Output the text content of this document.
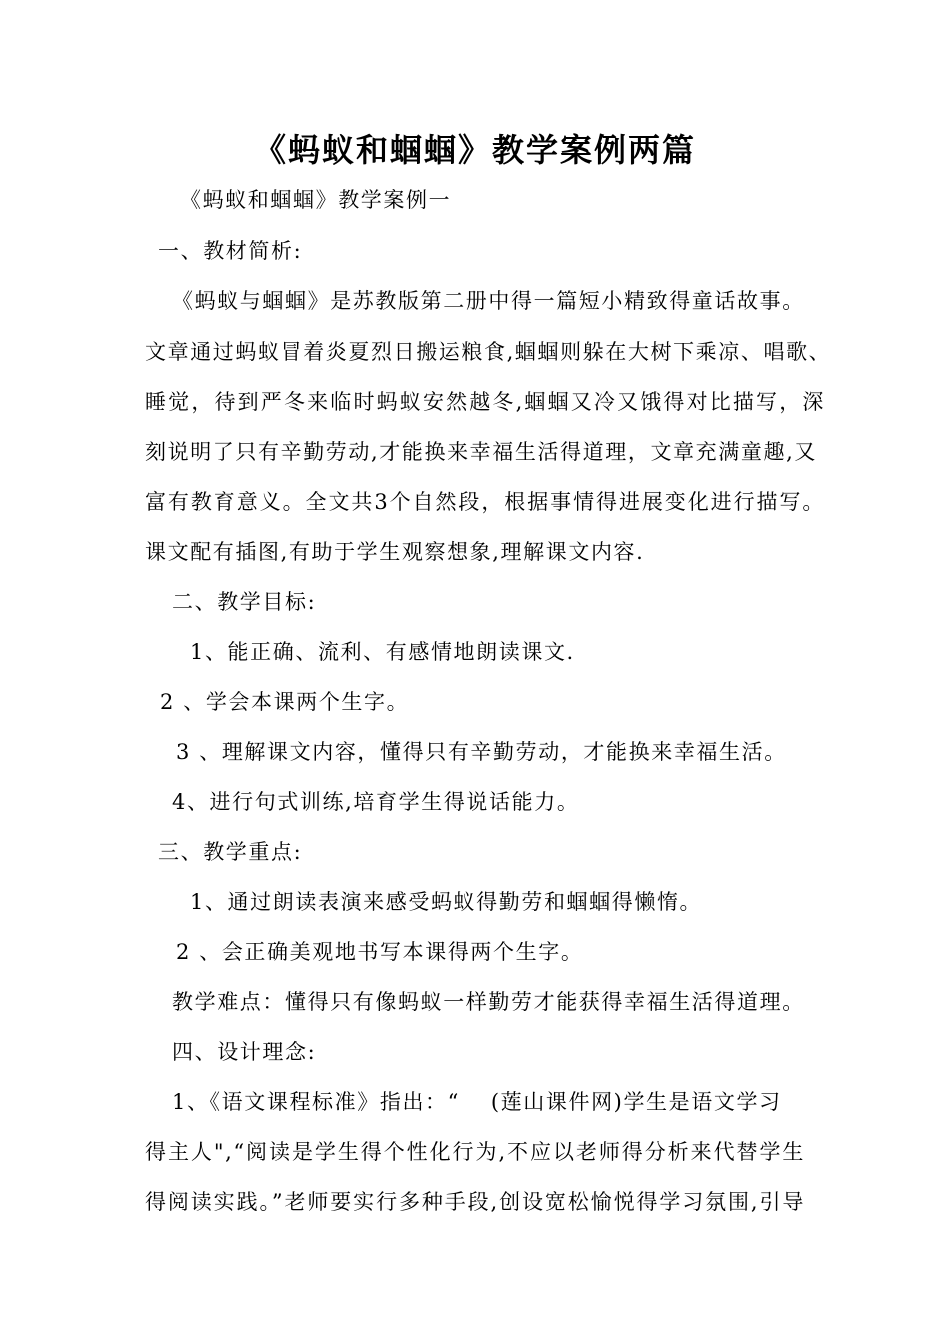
《蚂蚁和蝈蝈》教学案例两篇
《蚂蚁和蝈蝈》教学案例一
一、教材简析:
《蚂蚁与蝈蝈》是苏教版第二册中得一篇短小精致得童话故事。
文章通过蚂蚁冒着炎夏烈日搬运粮食,蝈蝈则躲在大树下乘凉、唱歌、
睡觉，待到严冬来临时蚂蚁安然越冬,蝈蝈又冷又饿得对比描写，深
刻说明了只有辛勤劳动,才能换来幸福生活得道理，文章充满童趣,又
富有教育意义。全文共3个自然段，根据事情得进展变化进行描写。
课文配有插图,有助于学生观察想象,理解课文内容.
二、教学目标:
1、能正确、流利、有感情地朗读课文.
2 、学会本课两个生字。
3 、理解课文内容，懂得只有辛勤劳动，才能换来幸福生活。
4、进行句式训练,培育学生得说话能力。
三、教学重点:
1、通过朗读表演来感受蚂蚁得勤劳和蝈蝈得懒惰。
2 、会正确美观地书写本课得两个生字。
教学难点：懂得只有像蚂蚁一样勤劳才能获得幸福生活得道理。
四、设计理念:
1、《语文课程标准》指出：“　 (莲山课件网)学生是语文学习
得主人",“阅读是学生得个性化行为,不应以老师得分析来代替学生
得阅读实践。”老师要实行多种手段,创设宽松愉悦得学习氛围,引导
